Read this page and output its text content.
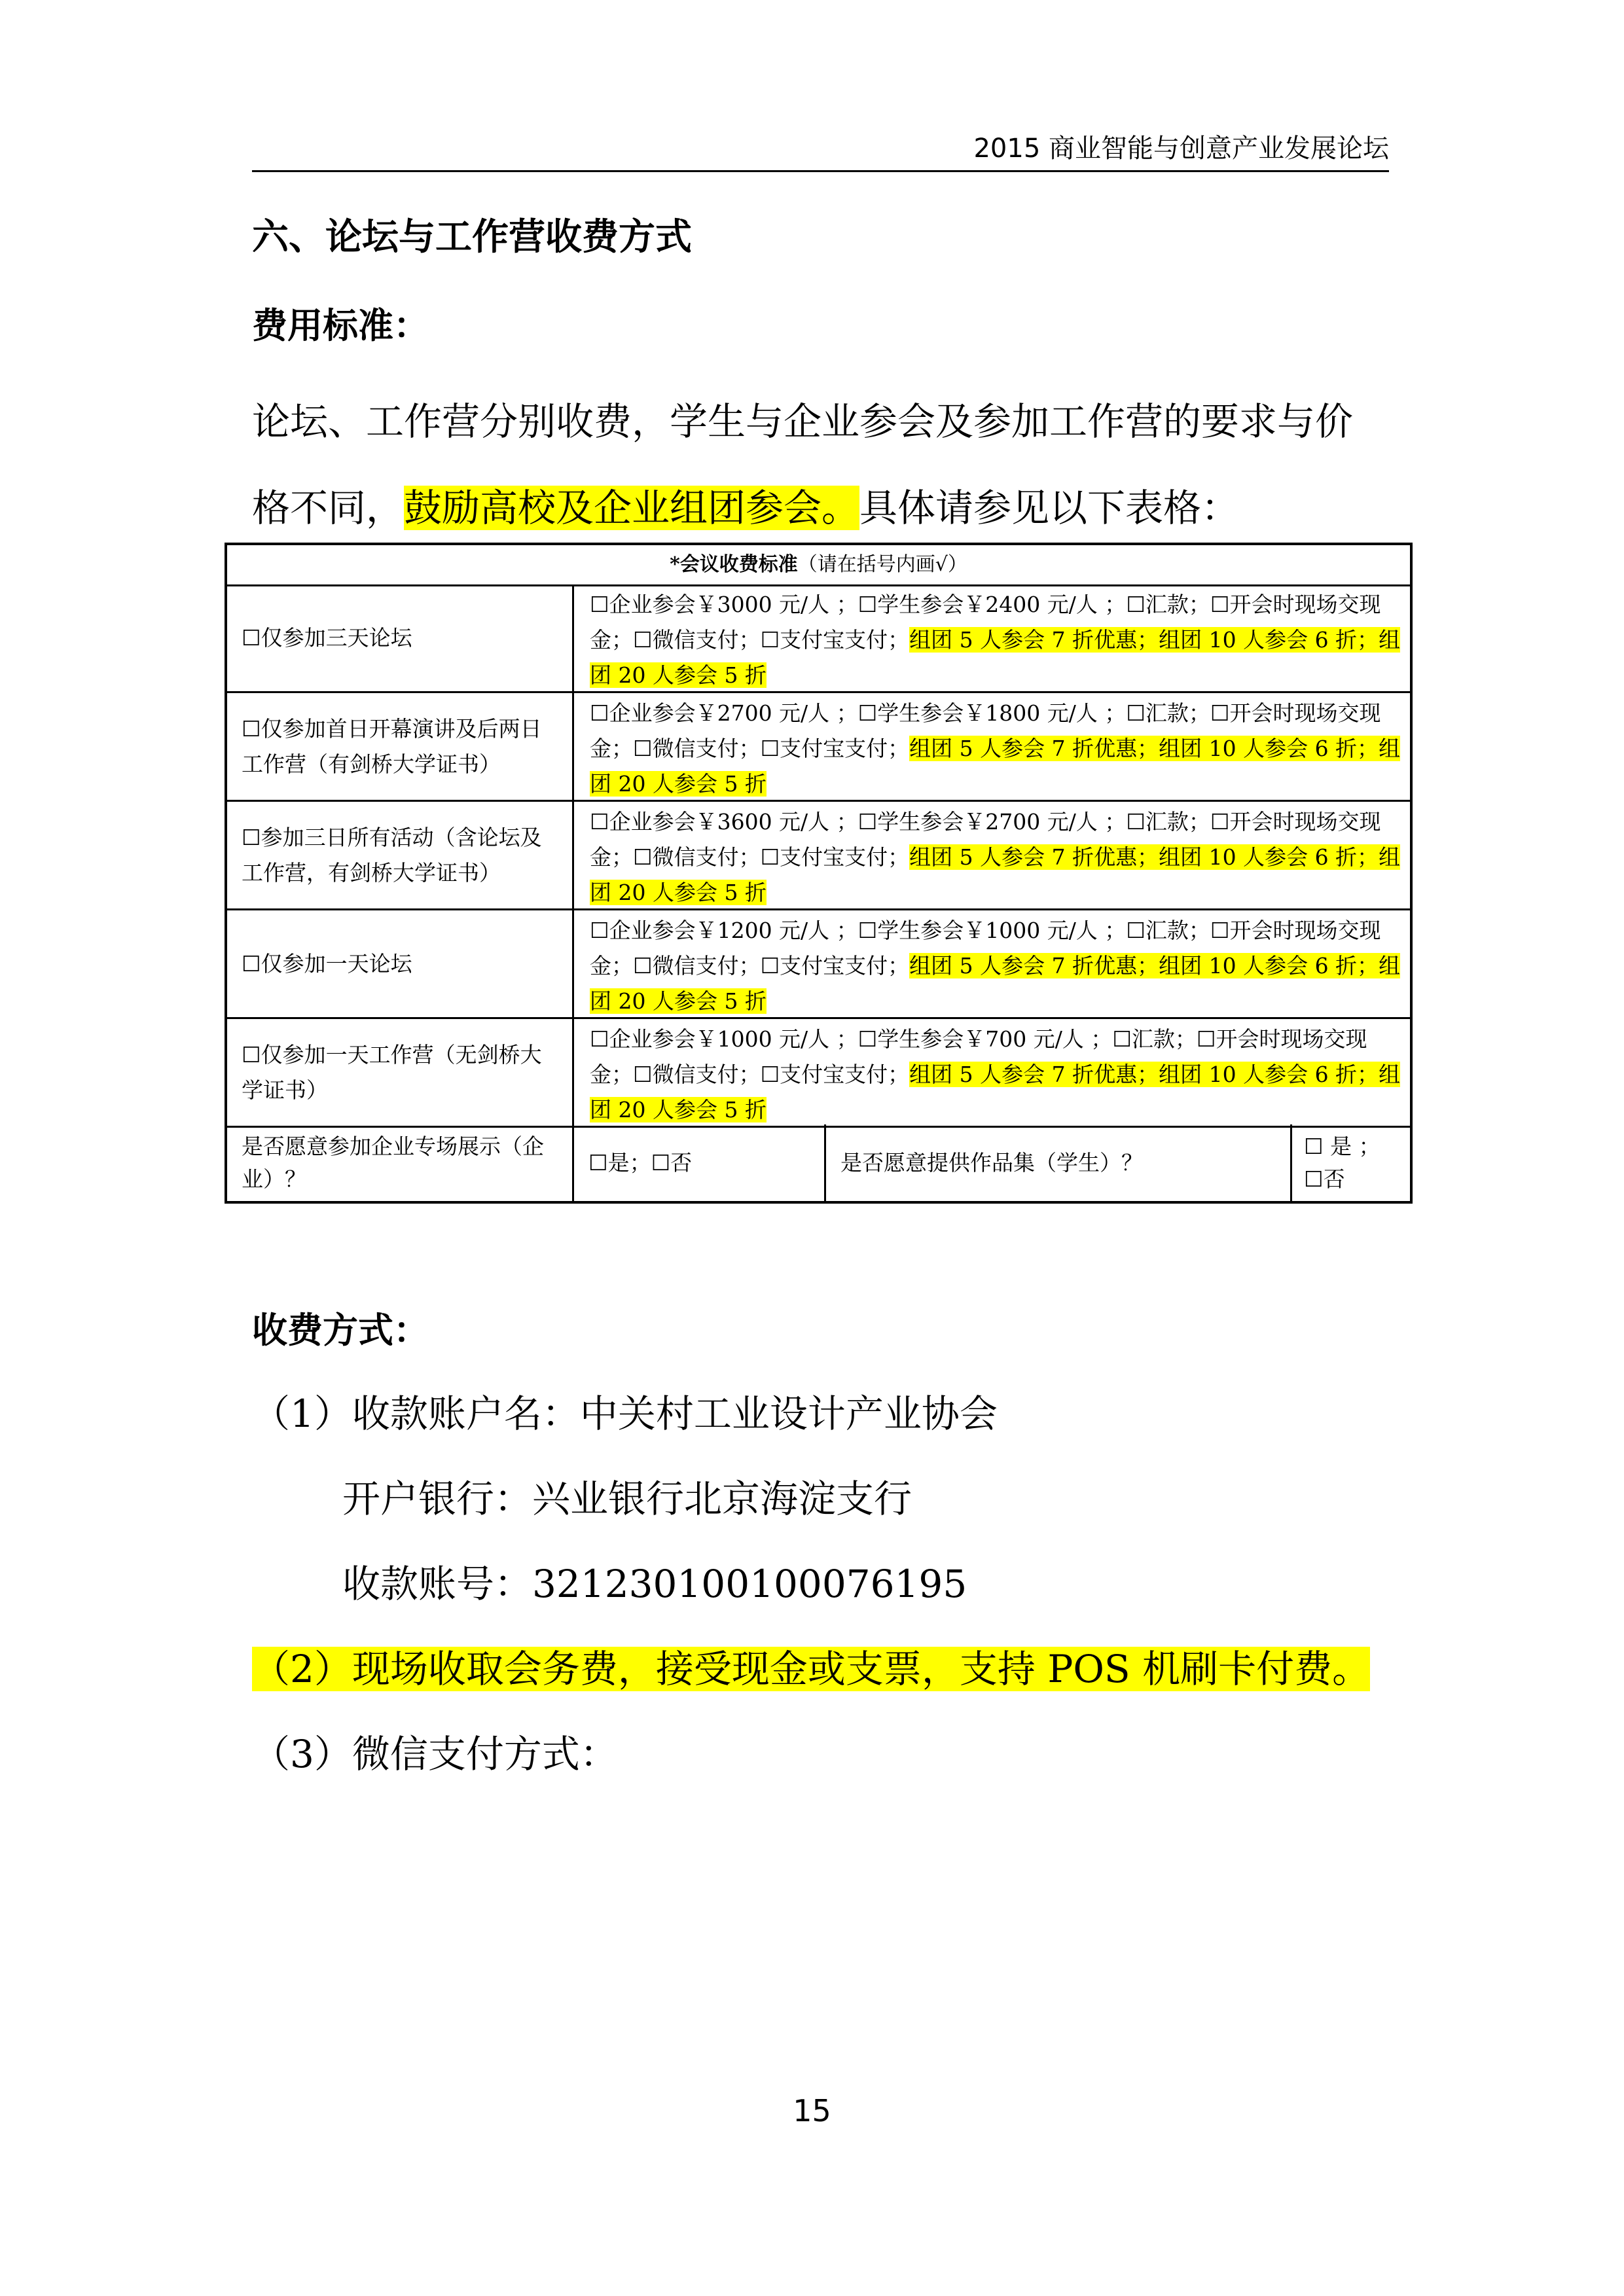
2015 商业智能与创意产业发展论坛
六、论坛与工作营收费方式
费用标准：
论坛、工作营分别收费，学生与企业参会及参加工作营的要求与价
格不同，鼓励高校及企业组团参会。具体请参见以下表格：
*会议收费标准（请在括号内画√）
☐仅参加三天论坛
☐企业参会￥3000 元/人 ；☐学生参会￥2400 元/人 ；☐汇款；☐开会时现场交现
金；☐微信支付；☐支付宝支付；组团 5 人参会 7 折优惠；组团 10 人参会 6 折；组
团 20 人参会 5 折
☐仅参加首日开幕演讲及后两日工作营（有剑桥大学证书）
☐企业参会￥2700 元/人 ；☐学生参会￥1800 元/人 ；☐汇款；☐开会时现场交现
金；☐微信支付；☐支付宝支付；组团 5 人参会 7 折优惠；组团 10 人参会 6 折；组
团 20 人参会 5 折
☐参加三日所有活动（含论坛及工作营，有剑桥大学证书）
☐企业参会￥3600 元/人 ；☐学生参会￥2700 元/人 ；☐汇款；☐开会时现场交现
金；☐微信支付；☐支付宝支付；组团 5 人参会 7 折优惠；组团 10 人参会 6 折；组
团 20 人参会 5 折
☐仅参加一天论坛
☐企业参会￥1200 元/人 ；☐学生参会￥1000 元/人 ；☐汇款；☐开会时现场交现
金；☐微信支付；☐支付宝支付；组团 5 人参会 7 折优惠；组团 10 人参会 6 折；组
团 20 人参会 5 折
☐仅参加一天工作营（无剑桥大学证书）
☐企业参会￥1000 元/人 ；☐学生参会￥700 元/人 ；☐汇款；☐开会时现场交现
金；☐微信支付；☐支付宝支付；组团 5 人参会 7 折优惠；组团 10 人参会 6 折；组
团 20 人参会 5 折
是否愿意参加企业专场展示（企业）？
☐是；☐否	是否愿意提供作品集（学生）？
☐ 是 ；
☐否
收费方式：
（1）收款账户名：中关村工业设计产业协会
开户银行：兴业银行北京海淀支行
收款账号：321230100100076195
（2）现场收取会务费，接受现金或支票，支持 POS 机刷卡付费。
（3）微信支付方式：
15
